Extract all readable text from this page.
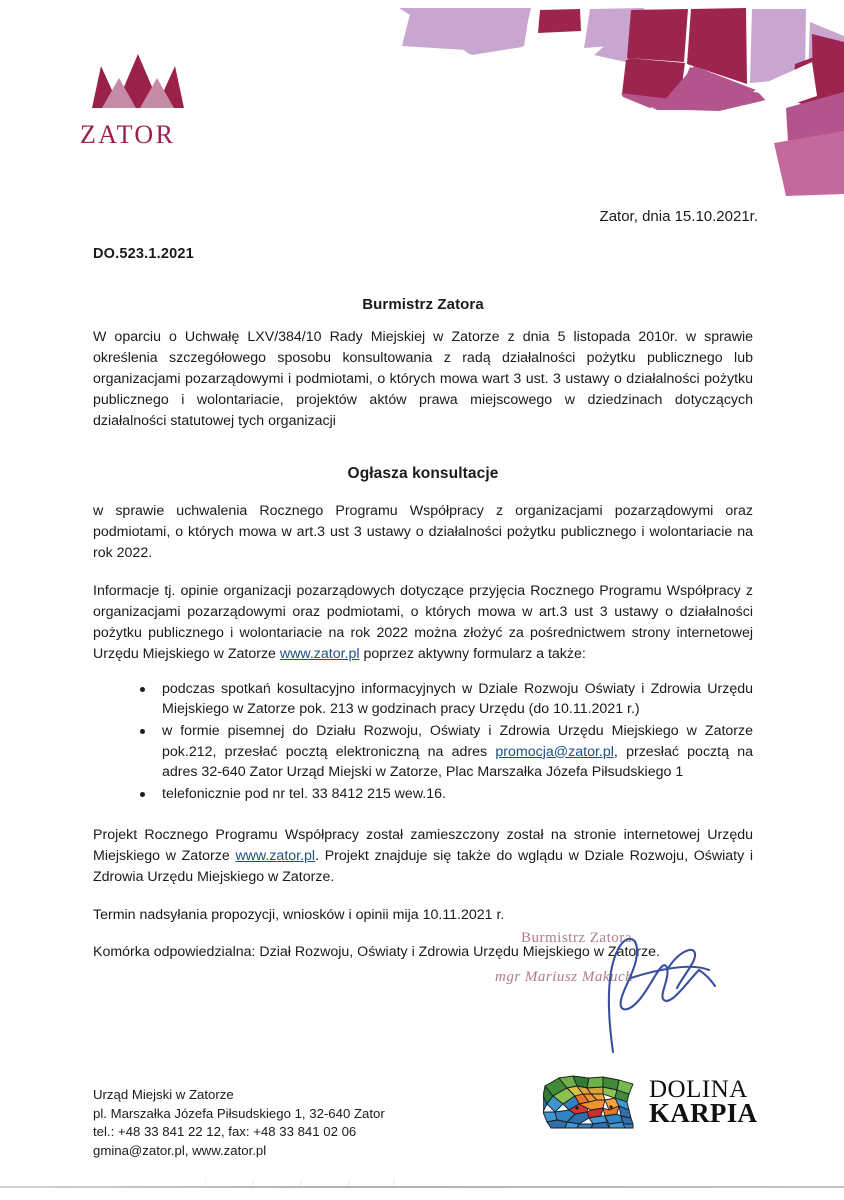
ZATOR
Zator, dnia 15.10.2021r.
DO.523.1.2021
Burmistrz Zatora

W oparciu o Uchwałę LXV/384/10 Rady Miejskiej w Zatorze z dnia 5 listopada 2010r. w sprawie określenia szczegółowego sposobu konsultowania z radą działalności pożytku publicznego lub organizacjami pozarządowymi i podmiotami, o których mowa wart 3 ust. 3 ustawy o działalności pożytku publicznego i wolontariacie, projektów aktów prawa miejscowego w dziedzinach dotyczących działalności statutowej tych organizacji

Ogłasza konsultacje

w sprawie uchwalenia Rocznego Programu Współpracy z organizacjami pozarządowymi oraz podmiotami, o których mowa w art.3 ust 3 ustawy o działalności pożytku publicznego i wolontariacie na rok 2022.

Informacje tj. opinie organizacji pozarządowych dotyczące przyjęcia Rocznego Programu Współpracy z organizacjami pozarządowymi oraz podmiotami, o których mowa w art.3 ust 3 ustawy o działalności pożytku publicznego i wolontariacie na rok 2022 można złożyć za pośrednictwem strony internetowej Urzędu Miejskiego w Zatorze www.zator.pl poprzez aktywny formularz a także:

podczas spotkań kosultacyjno informacyjnych w Dziale Rozwoju Oświaty i Zdrowia Urzędu Miejskiego w Zatorze pok. 213 w godzinach pracy Urzędu (do 10.11.2021 r.)
w formie pisemnej do Działu Rozwoju, Oświaty i Zdrowia Urzędu Miejskiego w Zatorze pok.212, przesłać pocztą elektroniczną na adres promocja@zator.pl, przesłać pocztą na adres 32-640 Zator Urząd Miejski w Zatorze, Plac Marszałka Józefa Piłsudskiego 1
telefonicznie pod nr tel. 33 8412 215 wew.16.

Projekt Rocznego Programu Współpracy został zamieszczony został na stronie internetowej Urzędu Miejskiego w Zatorze www.zator.pl. Projekt znajduje się także do wglądu w Dziale Rozwoju, Oświaty i Zdrowia Urzędu Miejskiego w Zatorze.

Termin nadsyłania propozycji, wniosków i opinii mija 10.11.2021 r.

Komórka odpowiedzialna: Dział Rozwoju, Oświaty i Zdrowia Urzędu Miejskiego w Zatorze.

Burmistrz Zatora
mgr Mariusz Makuch
Urząd Miejski w Zatorze
pl. Marszałka Józefa Piłsudskiego 1, 32-640 Zator
tel.: +48 33 841 22 12, fax: +48 33 841 02 06
gmina@zator.pl, www.zator.pl
DOLINA
KARPIA
